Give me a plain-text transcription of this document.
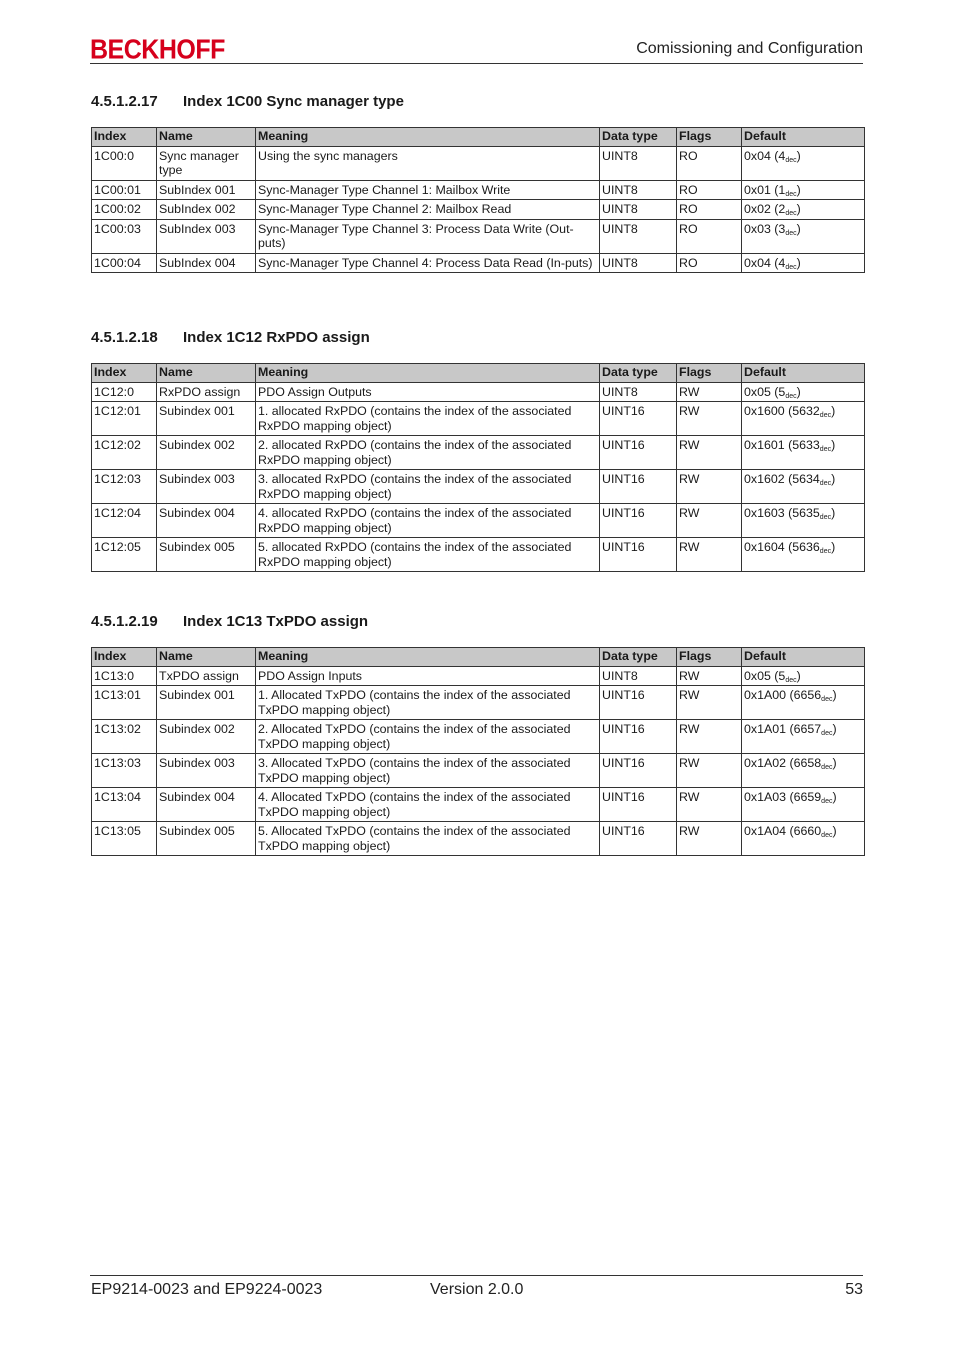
BECKHOFF	Comissioning and Configuration
4.5.1.2.17 Index 1C00 Sync manager type
Index	Name	Meaning	Data type	Flags	Default
1C00:0	Sync manager type	Using the sync managers	UINT8	RO	0x04 $(4_{dec})$
1C00:01	SubIndex 001	Sync-Manager Type Channel 1: Mailbox Write	UINT8	RO	0x01 $(1_{dec})$
1C00:02	SubIndex 002	Sync-Manager Type Channel 2: Mailbox Read	UINT8	RO	0x02 $(2_{dec})$
1C00:03	SubIndex 003	Sync-Manager Type Channel 3: Process Data Write (Out-puts)	UINT8	RO	0x03 $(3_{dec})$
1C00:04	SubIndex 004	Sync-Manager Type Channel 4: Process Data Read (In-puts)	UINT8	RO	0x04 $(4_{dec})$
4.5.1.2.18 Index 1C12 RxPDO assign
Index	Name	Meaning	Data type	Flags	Default
1C12:0	RxPDO assign	PDO Assign Outputs	UINT8	RW	0x05 $(5_{dec})$
1C12:01	Subindex 001	1. allocated RxPDO (contains the index of the associated RxPDO mapping object)	UINT16	RW	0x1600 $(5632_{dec})$
1C12:02	Subindex 002	2. allocated RxPDO (contains the index of the associated RxPDO mapping object)	UINT16	RW	0x1601 $(5633_{dec})$
1C12:03	Subindex 003	3. allocated RxPDO (contains the index of the associated RxPDO mapping object)	UINT16	RW	0x1602 $(5634_{dec})$
1C12:04	Subindex 004	4. allocated RxPDO (contains the index of the associated RxPDO mapping object)	UINT16	RW	0x1603 $(5635_{dec})$
1C12:05	Subindex 005	5. allocated RxPDO (contains the index of the associated RxPDO mapping object)	UINT16	RW	0x1604 $(5636_{dec})$
4.5.1.2.19 Index 1C13 TxPDO assign
Index	Name	Meaning	Data type	Flags	Default
1C13:0	TxPDO assign	PDO Assign Inputs	UINT8	RW	0x05 $(5_{dec})$
1C13:01	Subindex 001	1. Allocated TxPDO (contains the index of the associated TxPDO mapping object)	UINT16	RW	0x1A00 $(6656_{dec})$
1C13:02	Subindex 002	2. Allocated TxPDO (contains the index of the associated TxPDO mapping object)	UINT16	RW	0x1A01 $(6657_{dec})$
1C13:03	Subindex 003	3. Allocated TxPDO (contains the index of the associated TxPDO mapping object)	UINT16	RW	0x1A02 $(6658_{dec})$
1C13:04	Subindex 004	4. Allocated TxPDO (contains the index of the associated TxPDO mapping object)	UINT16	RW	0x1A03 $(6659_{dec})$
1C13:05	Subindex 005	5. Allocated TxPDO (contains the index of the associated TxPDO mapping object)	UINT16	RW	0x1A04 $(6660_{dec})$
EP9214-0023 and EP9224-0023	Version 2.0.0	53
